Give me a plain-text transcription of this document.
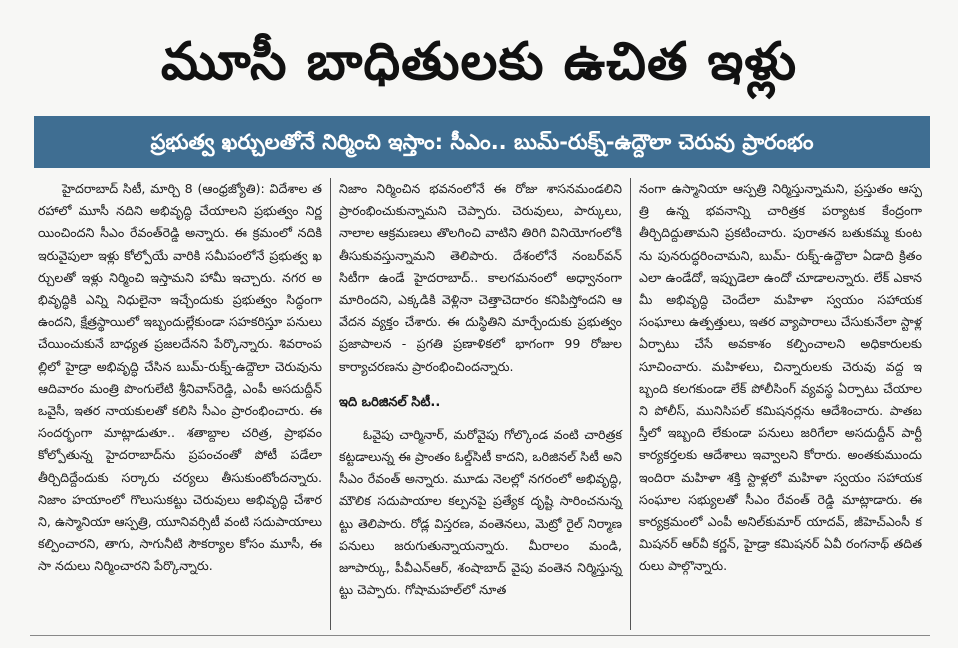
మూసీ బాధితులకు ఉచిత ఇళ్లు
ప్రభుత్వ ఖర్చులతోనే నిర్మించి ఇస్తాం: సీఎం.. బుమ్-రుక్న్-ఉద్దౌలా చెరువు ప్రారంభం

హైదరాబాద్ సిటీ, మార్చి 8 (ఆంధ్రజ్యోతి): విదేశాల తరహాలో మూసీ నదిని అభివృద్ధి చేయాలని ప్రభుత్వం నిర్ణయించిందని సీఎం రేవంత్‌రెడ్డి అన్నారు. ఈ క్రమంలో నదికి ఇరువైపులా ఇళ్లు కోల్పోయే వారికి సమీపంలోనే ప్రభుత్వ ఖర్చులతో ఇళ్లు నిర్మించి ఇస్తామని హామీ ఇచ్చారు. నగర అభివృద్ధికి ఎన్ని నిధులైనా ఇచ్చేందుకు ప్రభుత్వం సిద్ధంగా ఉందని, క్షేత్రస్థాయిలో ఇబ్బందుల్లేకుండా సహకరిస్తూ పనులు చేయించుకునే బాధ్యత ప్రజలదేనని పేర్కొన్నారు. శివరాంపల్లిలో హైడ్రా అభివృద్ధి చేసిన బుమ్-రుక్న్-ఉద్దౌలా చెరువును ఆదివారం మంత్రి పొంగులేటి శ్రీనివాస్‌రెడ్డి, ఎంపీ అసదుద్దీన్ ఒవైసీ, ఇతర నాయకులతో కలిసి సీఎం ప్రారంభించారు. ఈ సందర్భంగా మాట్లాడుతూ.. శతాబ్దాల చరిత్ర, ప్రాభవం కోల్పోతున్న హైదరాబాద్‌ను ప్రపంచంతో పోటీ పడేలా తీర్చిదిద్దేందుకు సర్కారు చర్యలు తీసుకుంటోందన్నారు. నిజాం హయాంలో గొలుసుకట్టు చెరువులు అభివృద్ధి చేశారని, ఉస్మానియా ఆస్పత్రి, యూనివర్సిటీ వంటి సదుపాయాలు కల్పించారని, తాగు, సాగునీటి సౌకర్యాల కోసం మూసీ, ఈసా నదులు నిర్మించారని పేర్కొన్నారు.

నిజాం నిర్మించిన భవనంలోనే ఈ రోజు శాసనమండలిని ప్రారంభించుకున్నామని చెప్పారు. చెరువులు, పార్కులు, నాలాల ఆక్రమణలు తొలగించి వాటిని తిరిగి వినియోగంలోకి తీసుకువస్తున్నామని తెలిపారు. దేశంలోనే నంబర్‌వన్ సిటీగా ఉండే హైదరాబాద్.. కాలగమనంలో అధ్వానంగా మారిందని, ఎక్కడికి వెళ్లినా చెత్తాచెదారం కనిపిస్తోందని ఆవేదన వ్యక్తం చేశారు. ఈ దుస్థితిని మార్చేందుకు ప్రభుత్వం ప్రజాపాలన - ప్రగతి ప్రణాళికలో భాగంగా 99 రోజుల కార్యాచరణను ప్రారంభించిందన్నారు.

ఇది ఒరిజినల్ సిటీ..

ఓవైపు చార్మినార్, మరోవైపు గోల్కొండ వంటి చారిత్రక కట్టడాలున్న ఈ ప్రాంతం ఓల్డ్‌సిటీ కాదని, ఒరిజినల్ సిటీ అని సీఎం రేవంత్ అన్నారు. మూడు నెలల్లో నగరంలో అభివృద్ధి, మౌలిక సదుపాయాల కల్పనపై ప్రత్యేక దృష్టి సారించనున్నట్టు తెలిపారు. రోడ్ల విస్తరణ, వంతెనలు, మెట్రో రైల్ నిర్మాణ పనులు జరుగుతున్నాయన్నారు. మీరాలం మండి, జూపార్కు, పీవీఎన్‌ఆర్, శంషాబాద్ వైపు వంతెన నిర్మిస్తున్నట్టు చెప్పారు. గోషామహల్‌లో నూత

నంగా ఉస్మానియా ఆస్పత్రి నిర్మిస్తున్నామని, ప్రస్తుతం ఆస్పత్రి ఉన్న భవనాన్ని చారిత్రక పర్యాటక కేంద్రంగా తీర్చిదిద్దుతామని ప్రకటించారు. పురాతన బతుకమ్మ కుంటను పునరుద్ధరించామని, బుమ్- రుక్న్-ఉద్దౌలా ఏడాది క్రితం ఎలా ఉండేదో, ఇప్పుడెలా ఉందో చూడాలన్నారు. లేక్ ఎకానమీ అభివృద్ధి చెందేలా మహిళా స్వయం సహాయక సంఘాలు ఉత్పత్తులు, ఇతర వ్యాపారాలు చేసుకునేలా స్టాళ్ల ఏర్పాటు చేసే అవకాశం కల్పించాలని అధికారులకు సూచించారు. మహిళలు, చిన్నారులకు చెరువు వద్ద ఇబ్బంది కలగకుండా లేక్ పోలీసింగ్ వ్యవస్థ ఏర్పాటు చేయాలని పోలీస్, మునిసిపల్ కమిషనర్లను ఆదేశించారు. పాతబస్తీలో ఇబ్బంది లేకుండా పనులు జరిగేలా అసదుద్దీన్ పార్టీ కార్యకర్తలకు ఆదేశాలు ఇవ్వాలని కోరారు. అంతకుముందు ఇందిరా మహిళా శక్తి స్టాళ్లలో మహిళా స్వయం సహాయక సంఘాల సభ్యులతో సీఎం రేవంత్ రెడ్డి మాట్లాడారు. ఈ కార్యక్రమంలో ఎంపీ అనిల్‌కుమార్ యాదవ్, జీహెచ్‌ఎంసీ కమిషనర్ ఆర్‌వీ కర్ణన్, హైడ్రా కమిషనర్ ఏవీ రంగనాథ్ తదితరులు పాల్గొన్నారు.
